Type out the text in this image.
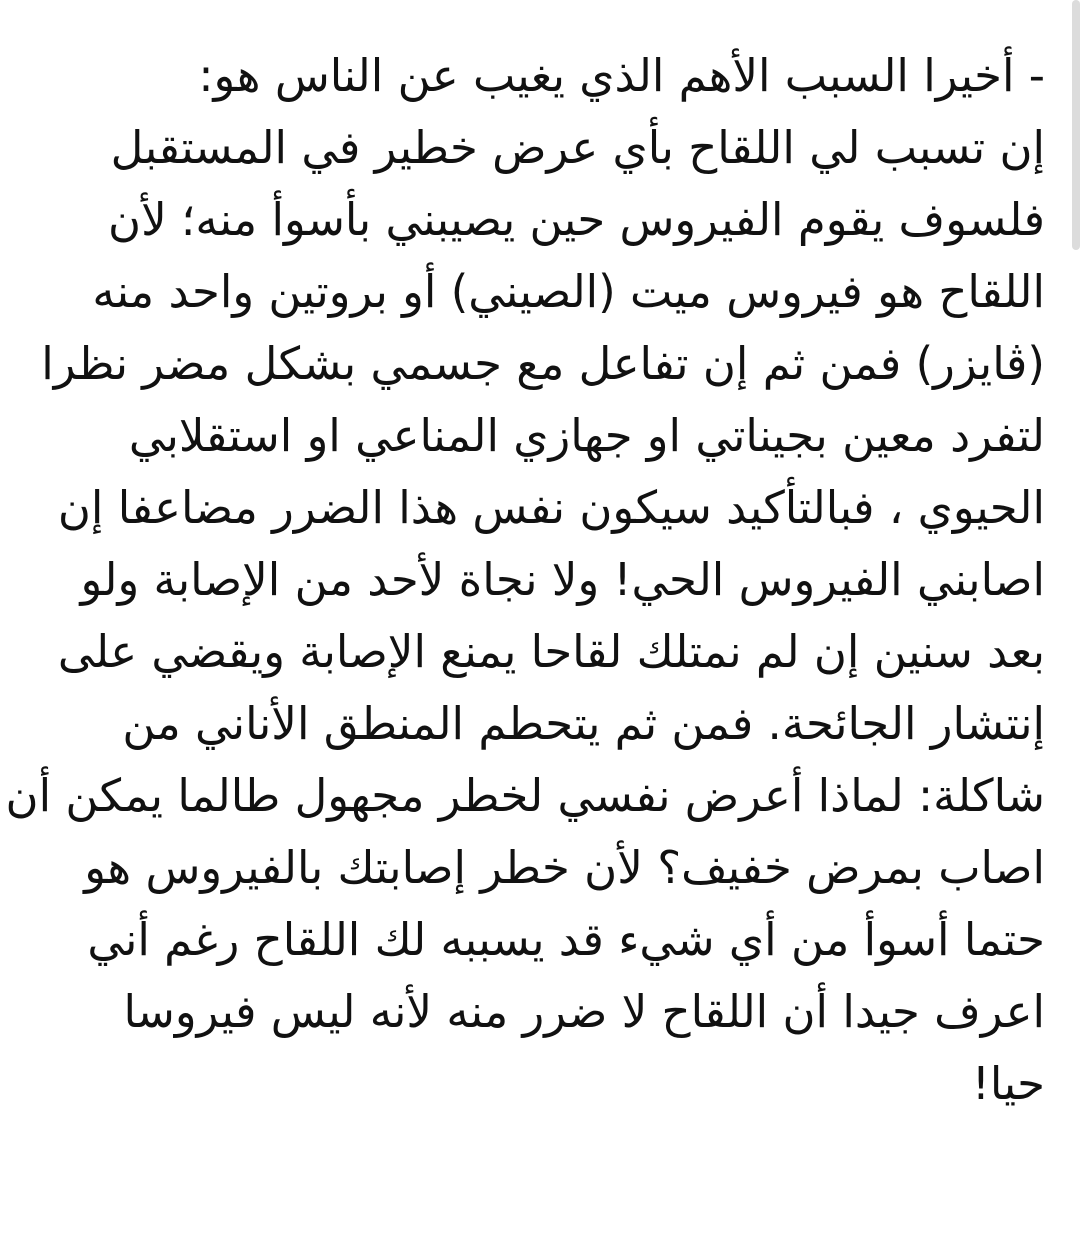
- أخيرا السبب الأهم الذي يغيب عن الناس هو:
إن تسبب لي اللقاح بأي عرض خطير في المستقبل
فلسوف يقوم الفيروس حين يصيبني بأسوأ منه؛ لأن
اللقاح هو فيروس ميت (الصيني) أو بروتين واحد منه
(ڤايزر) فمن ثم إن تفاعل مع جسمي بشكل مضر نظرا
لتفرد معين بجيناتي او جهازي المناعي او استقلابي
الحيوي ، فبالتأكيد سيكون نفس هذا الضرر مضاعفا إن
اصابني الفيروس الحي! ولا نجاة لأحد من الإصابة ولو
بعد سنين إن لم نمتلك لقاحا يمنع الإصابة ويقضي على
إنتشار الجائحة. فمن ثم يتحطم المنطق الأناني من
شاكلة: لماذا أعرض نفسي لخطر مجهول طالما يمكن أن
اصاب بمرض خفيف؟ لأن خطر إصابتك بالفيروس هو
حتما أسوأ من أي شيء قد يسببه لك اللقاح رغم أني
اعرف جيدا أن اللقاح لا ضرر منه لأنه ليس فيروسا
حيا!
